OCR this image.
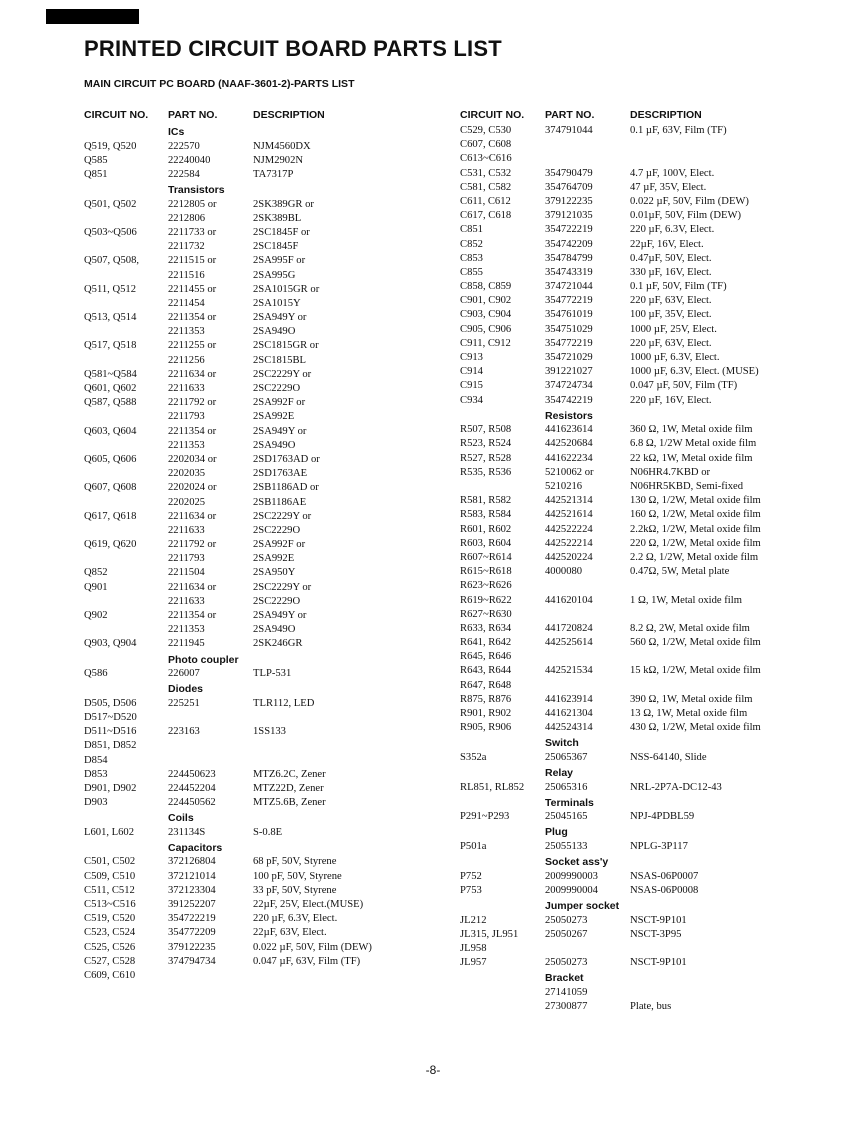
PRINTED CIRCUIT BOARD PARTS LIST
MAIN CIRCUIT PC BOARD (NAAF-3601-2)-PARTS LIST
CIRCUIT NO.	PART NO.	DESCRIPTION
ICs
Q519, Q520	222570	NJM4560DX
Q585	22240040	NJM2902N
Q851	222584	TA7317P
Transistors
Q501, Q502	2212805 or	2SK389GR or
2212806	2SK389BL
Q503~Q506	2211733 or	2SC1845F or
2211732	2SC1845F
Q507, Q508,	2211515 or	2SA995F or
2211516	2SA995G
Q511, Q512	2211455 or	2SA1015GR or
2211454	2SA1015Y
Q513, Q514	2211354 or	2SA949Y or
2211353	2SA949O
Q517, Q518	2211255 or	2SC1815GR or
2211256	2SC1815BL
Q581~Q584	2211634 or	2SC2229Y or
Q601, Q602	2211633	2SC2229O
Q587, Q588	2211792 or	2SA992F or
2211793	2SA992E
Q603, Q604	2211354 or	2SA949Y or
2211353	2SA949O
Q605, Q606	2202034 or	2SD1763AD or
2202035	2SD1763AE
Q607, Q608	2202024 or	2SB1186AD or
2202025	2SB1186AE
Q617, Q618	2211634 or	2SC2229Y or
2211633	2SC2229O
Q619, Q620	2211792 or	2SA992F or
2211793	2SA992E
Q852	2211504	2SA950Y
Q901	2211634 or	2SC2229Y or
2211633	2SC2229O
Q902	2211354 or	2SA949Y or
2211353	2SA949O
Q903, Q904	2211945	2SK246GR
Photo coupler
Q586	226007	TLP-531
Diodes
D505, D506	225251	TLR112, LED
D517~D520
D511~D516	223163	1SS133
D851, D852
D854
D853	224450623	MTZ6.2C, Zener
D901, D902	224452204	MTZ22D, Zener
D903	224450562	MTZ5.6B, Zener
Coils
L601, L602	231134S	S-0.8E
Capacitors
C501, C502	372126804	68 pF, 50V, Styrene
C509, C510	372121014	100 pF, 50V, Styrene
C511, C512	372123304	33 pF, 50V, Styrene
C513~C516	391252207	22µF, 25V, Elect.(MUSE)
C519, C520	354722219	220 µF, 6.3V, Elect.
C523, C524	354772209	22µF, 63V, Elect.
C525, C526	379122235	0.022 µF, 50V, Film (DEW)
C527, C528	374794734	0.047 µF, 63V, Film (TF)
C609, C610
CIRCUIT NO.	PART NO.	DESCRIPTION
C529, C530	374791044	0.1 µF, 63V, Film (TF)
C607, C608
C613~C616
C531, C532	354790479	4.7 µF, 100V, Elect.
C581, C582	354764709	47 µF, 35V, Elect.
C611, C612	379122235	0.022 µF, 50V, Film (DEW)
C617, C618	379121035	0.01µF, 50V, Film (DEW)
C851	354722219	220 µF, 6.3V, Elect.
C852	354742209	22µF, 16V, Elect.
C853	354784799	0.47µF, 50V, Elect.
C855	354743319	330 µF, 16V, Elect.
C858, C859	374721044	0.1 µF, 50V, Film (TF)
C901, C902	354772219	220 µF, 63V, Elect.
C903, C904	354761019	100 µF, 35V, Elect.
C905, C906	354751029	1000 µF, 25V, Elect.
C911, C912	354772219	220 µF, 63V, Elect.
C913	354721029	1000 µF, 6.3V, Elect.
C914	391221027	1000 µF, 6.3V, Elect. (MUSE)
C915	374724734	0.047 µF, 50V, Film (TF)
C934	354742219	220 µF, 16V, Elect.
Resistors
R507, R508	441623614	360 Ω, 1W, Metal oxide film
R523, R524	442520684	6.8 Ω, 1/2W Metal oxide film
R527, R528	441622234	22 kΩ, 1W, Metal oxide film
R535, R536	5210062 or	N06HR4.7KBD or
5210216	N06HR5KBD, Semi-fixed
R581, R582	442521314	130 Ω, 1/2W, Metal oxide film
R583, R584	442521614	160 Ω, 1/2W, Metal oxide film
R601, R602	442522224	2.2kΩ, 1/2W, Metal oxide film
R603, R604	442522214	220 Ω, 1/2W, Metal oxide film
R607~R614	442520224	2.2 Ω, 1/2W, Metal oxide film
R615~R618	4000080	0.47Ω, 5W, Metal plate
R623~R626
R619~R622	441620104	1 Ω, 1W, Metal oxide film
R627~R630
R633, R634	441720824	8.2 Ω, 2W, Metal oxide film
R641, R642	442525614	560 Ω, 1/2W, Metal oxide film
R645, R646
R643, R644	442521534	15 kΩ, 1/2W, Metal oxide film
R647, R648
R875, R876	441623914	390 Ω, 1W, Metal oxide film
R901, R902	441621304	13 Ω, 1W, Metal oxide film
R905, R906	442524314	430 Ω, 1/2W, Metal oxide film
Switch
S352a	25065367	NSS-64140, Slide
Relay
RL851, RL852	25065316	NRL-2P7A-DC12-43
Terminals
P291~P293	25045165	NPJ-4PDBL59
Plug
P501a	25055133	NPLG-3P117
Socket ass'y
P752	2009990003	NSAS-06P0007
P753	2009990004	NSAS-06P0008
Jumper socket
JL212	25050273	NSCT-9P101
JL315, JL951	25050267	NSCT-3P95
JL958
JL957	25050273	NSCT-9P101
Bracket
27141059
27300877	Plate, bus
-8-
